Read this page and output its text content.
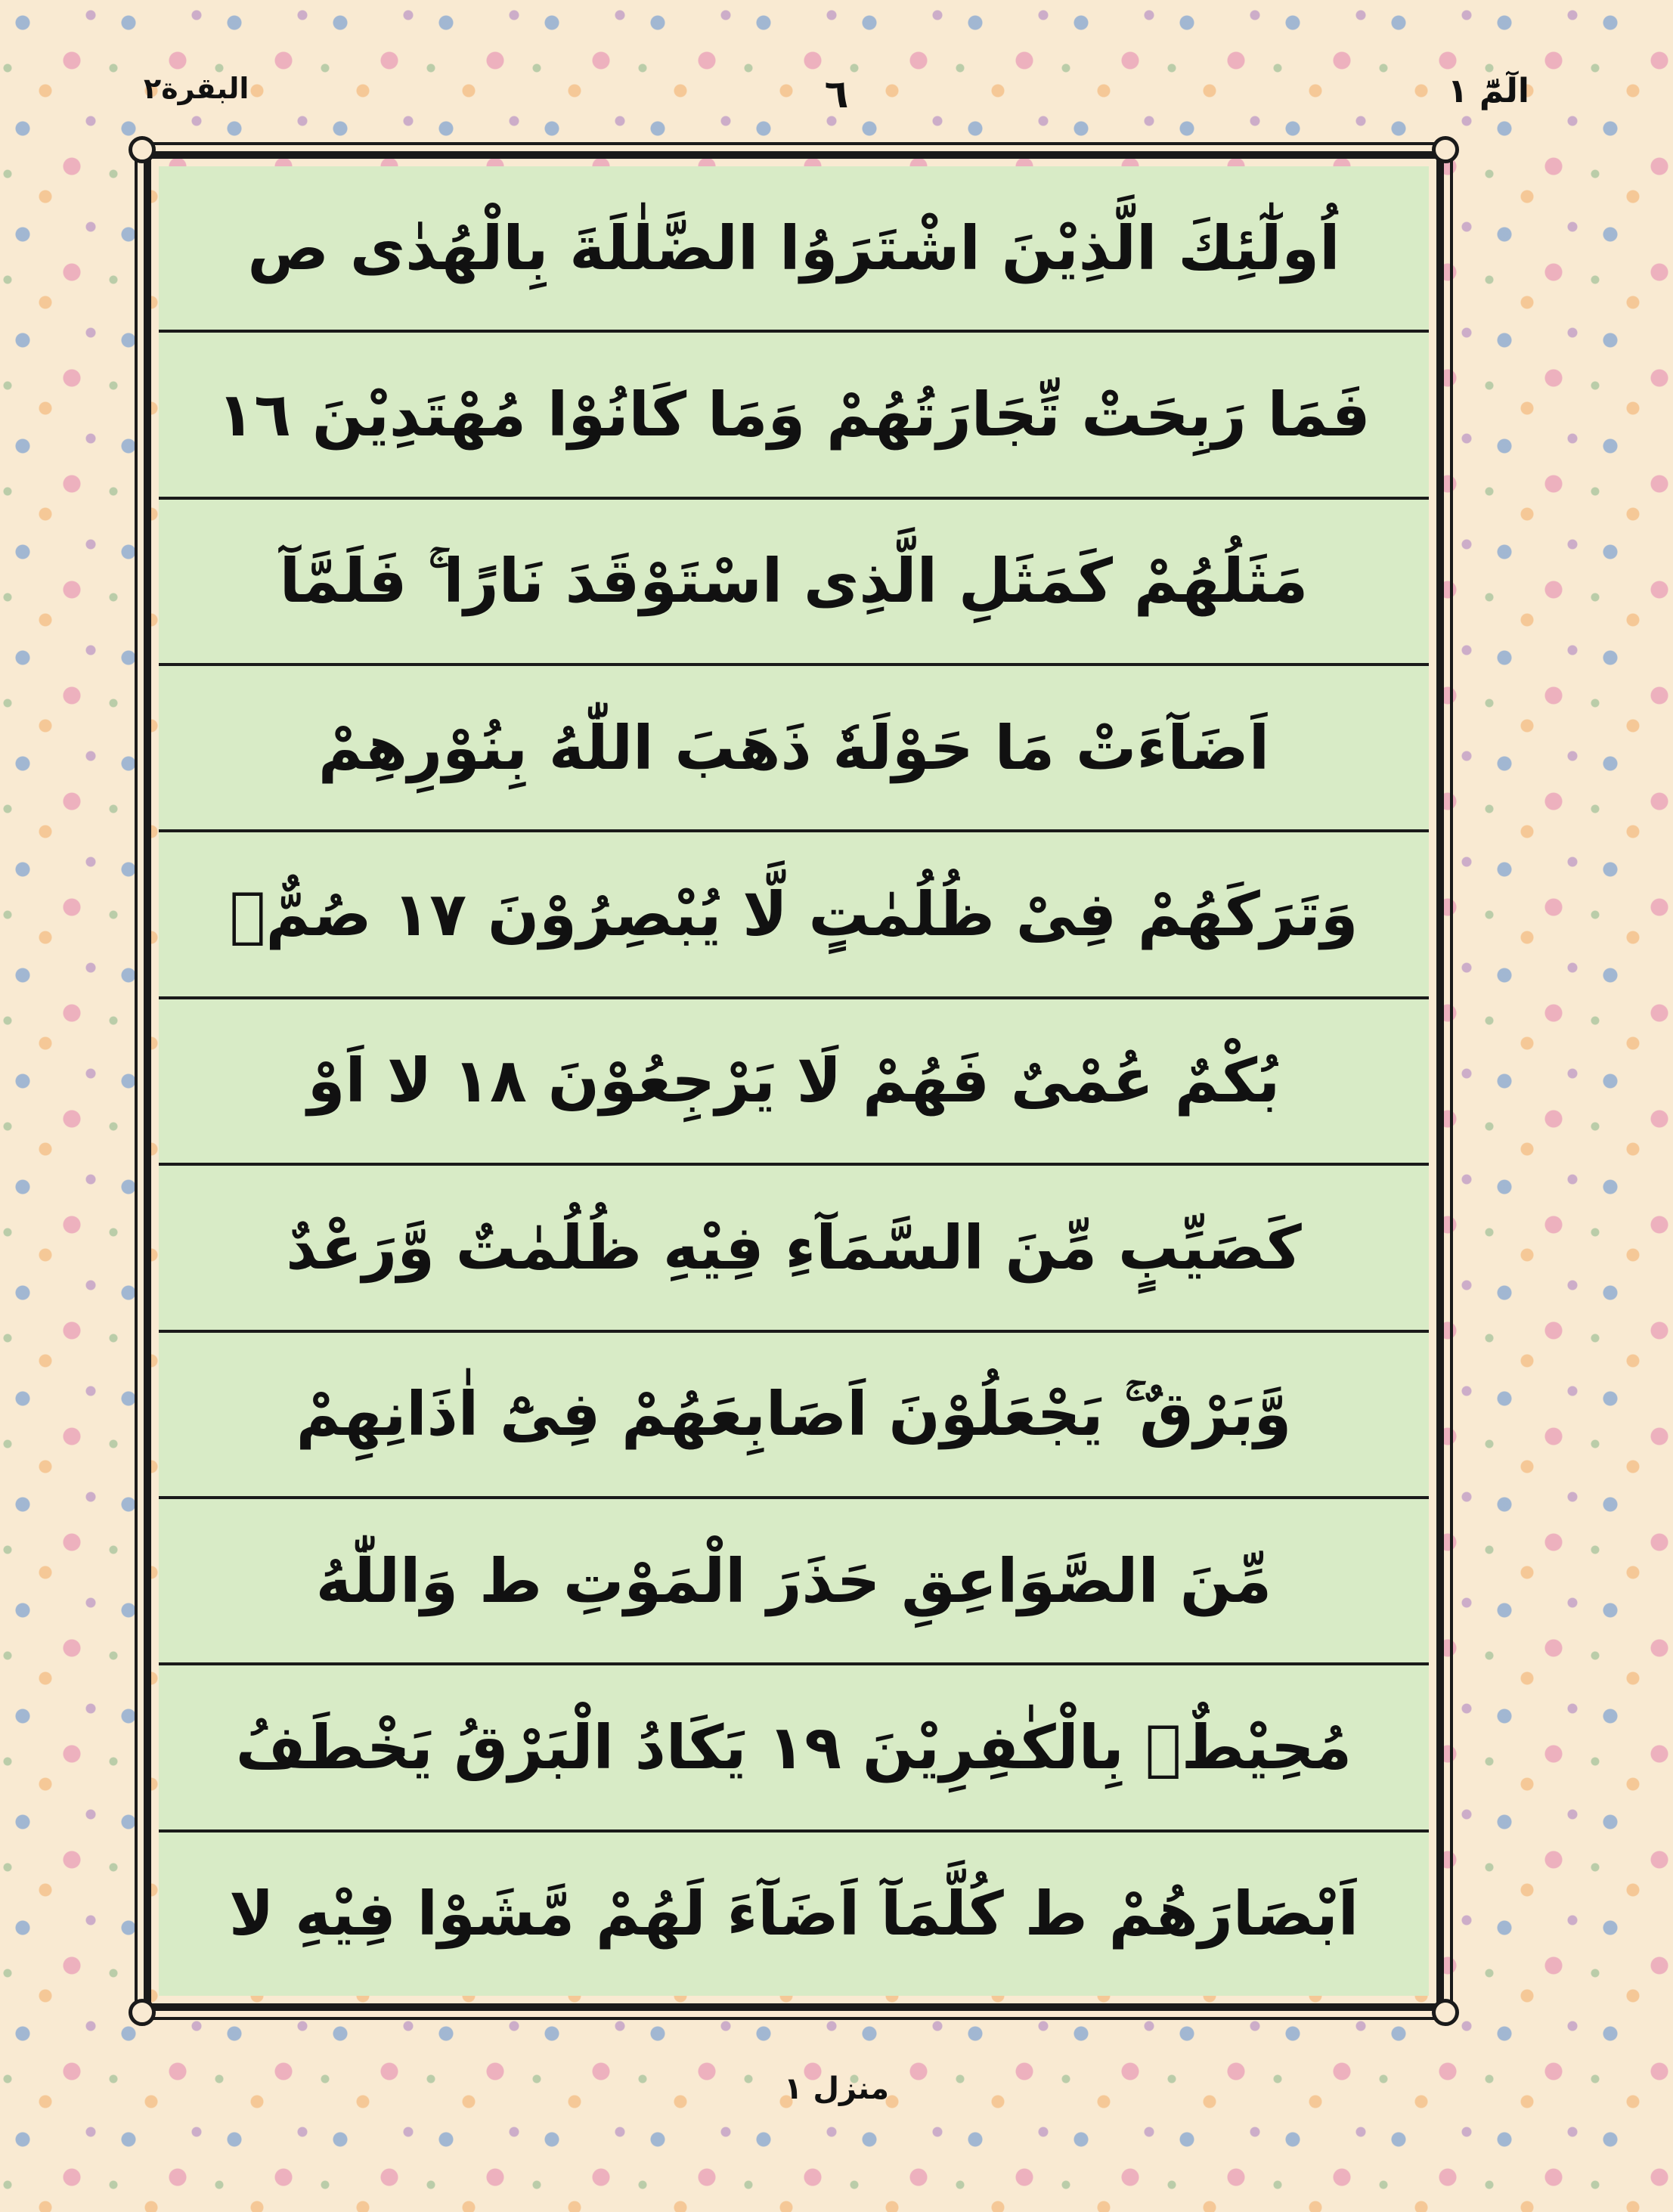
البقرة٢	٦	الٓمّٓ ۱
اُولٰٓئِكَ الَّذِيْنَ اشْتَرَوُا الضَّلٰلَةَ بِالْهُدٰى ص
فَمَا رَبِحَتْ تِّجَارَتُهُمْ وَمَا كَانُوْا مُهْتَدِيْنَ ١٦
مَثَلُهُمْ كَمَثَلِ الَّذِى اسْتَوْقَدَ نَارًا ۚ فَلَمَّآ
اَضَآءَتْ مَا حَوْلَهٗ ذَهَبَ اللّٰهُ بِنُوْرِهِمْ
وَتَرَكَهُمْ فِىْ ظُلُمٰتٍ لَّا يُبْصِرُوْنَ ١٧ صُمٌّۢ
بُكْمٌ عُمْىٌ فَهُمْ لَا يَرْجِعُوْنَ ١٨ لا اَوْ
كَصَيِّبٍ مِّنَ السَّمَآءِ فِيْهِ ظُلُمٰتٌ وَّرَعْدٌ
وَّبَرْقٌ ۚ يَجْعَلُوْنَ اَصَابِعَهُمْ فِىْٓ اٰذَانِهِمْ
مِّنَ الصَّوَاعِقِ حَذَرَ الْمَوْتِ ط وَاللّٰهُ
مُحِيْطٌۢ بِالْكٰفِرِيْنَ ١٩ يَكَادُ الْبَرْقُ يَخْطَفُ
اَبْصَارَهُمْ ط كُلَّمَآ اَضَآءَ لَهُمْ مَّشَوْا فِيْهِ لا
منزل ۱
